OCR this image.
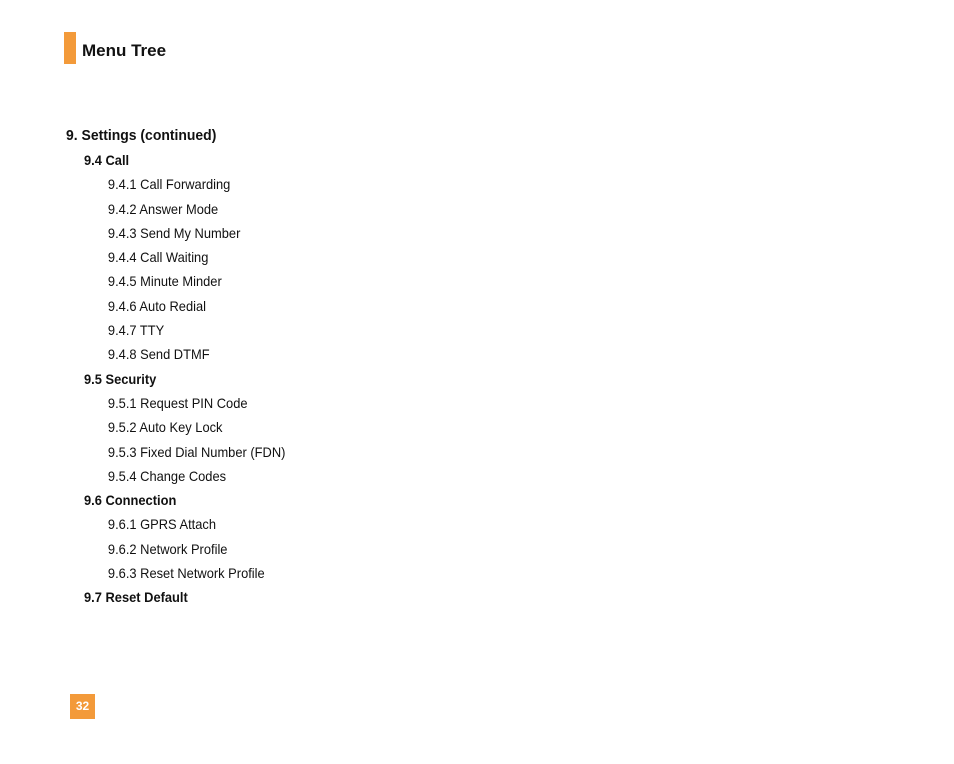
Menu Tree
9. Settings (continued)
9.4 Call
9.4.1 Call Forwarding
9.4.2 Answer Mode
9.4.3 Send My Number
9.4.4 Call Waiting
9.4.5 Minute Minder
9.4.6 Auto Redial
9.4.7 TTY
9.4.8 Send DTMF
9.5 Security
9.5.1 Request PIN Code
9.5.2 Auto Key Lock
9.5.3 Fixed Dial Number (FDN)
9.5.4 Change Codes
9.6 Connection
9.6.1 GPRS Attach
9.6.2 Network Profile
9.6.3 Reset Network Profile
9.7 Reset Default
32
